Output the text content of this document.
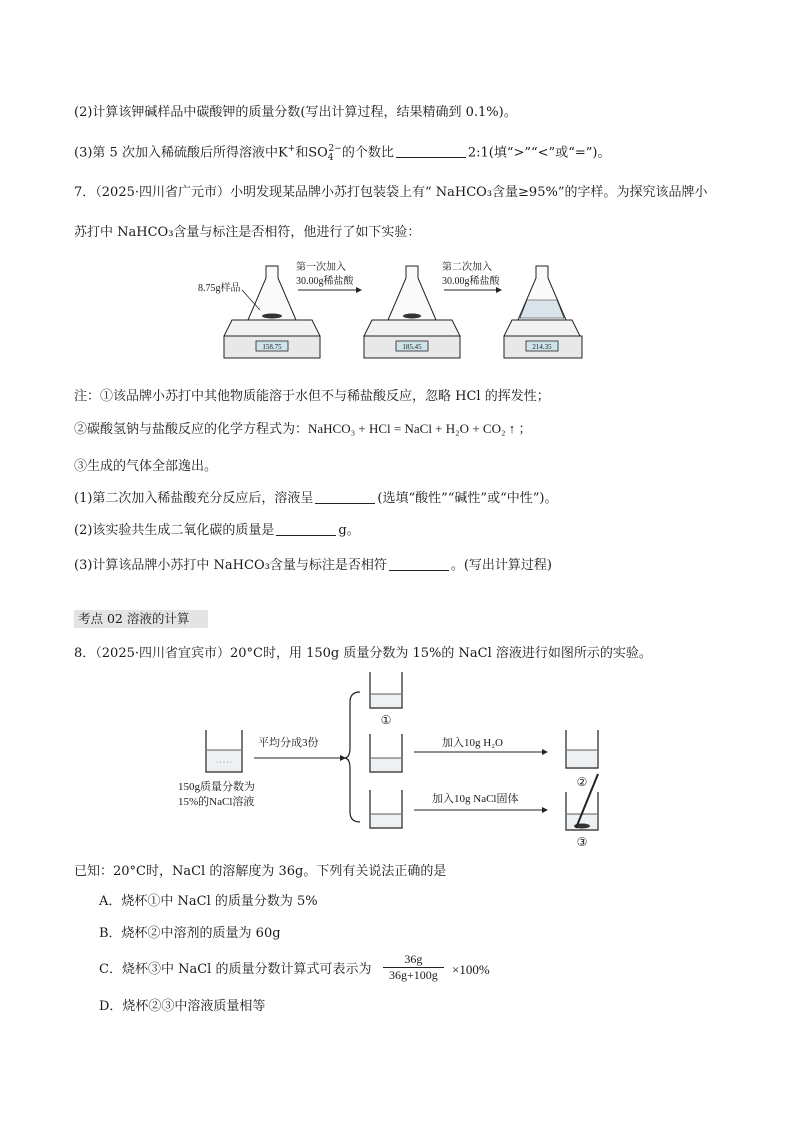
(2)计算该钾碱样品中碳酸钾的质量分数(写出计算过程，结果精确到 0.1%)。
(3)第 5 次加入稀硫酸后所得溶液中K+和$SO_4^{2-}$的个数比	2:1(填“>”“<”或“=”)。
7．（2025·四川省广元市）小明发现某品牌小苏打包装袋上有“ NaHCO₃含量≥95%”的字样。为探究该品牌小
苏打中 NaHCO₃含量与标注是否相符，他进行了如下实验：
158.75
8.75g样品
第一次加入
30.00g稀盐酸
185.45
第二次加入
30.00g稀盐酸
214.35
注：①该品牌小苏打中其他物质能溶于水但不与稀盐酸反应，忽略 HCl 的挥发性；
②碳酸氢钠与盐酸反应的化学方程式为：NaHCO₃ + HCl = NaCl + H₂O + CO₂ ↑ ；
③生成的气体全部逸出。
(1)第二次加入稀盐酸充分反应后，溶液呈	(选填“酸性”“碱性”或“中性”)。
(2)该实验共生成二氧化碳的质量是	g。
(3)计算该品牌小苏打中 NaHCO₃含量与标注是否相符	。(写出计算过程)
考点 02 溶液的计算
8．（2025·四川省宜宾市）20°C时，用 150g 质量分数为 15%的 NaCl 溶液进行如图所示的实验。
· · · · ·
150g质量分数为
15%的NaCl溶液
平均分成3份
①
加入10g H₂O
加入10g NaCl固体
②
③
已知：20°C时，NaCl 的溶解度为 36g。下列有关说法正确的是
A．烧杯①中 NaCl 的质量分数为 5%
B．烧杯②中溶剂的质量为 60g
C．烧杯③中 NaCl 的质量分数计算式可表示为 $\frac{36g}{36g+100g} \times 100\%$
D．烧杯②③中溶液质量相等
